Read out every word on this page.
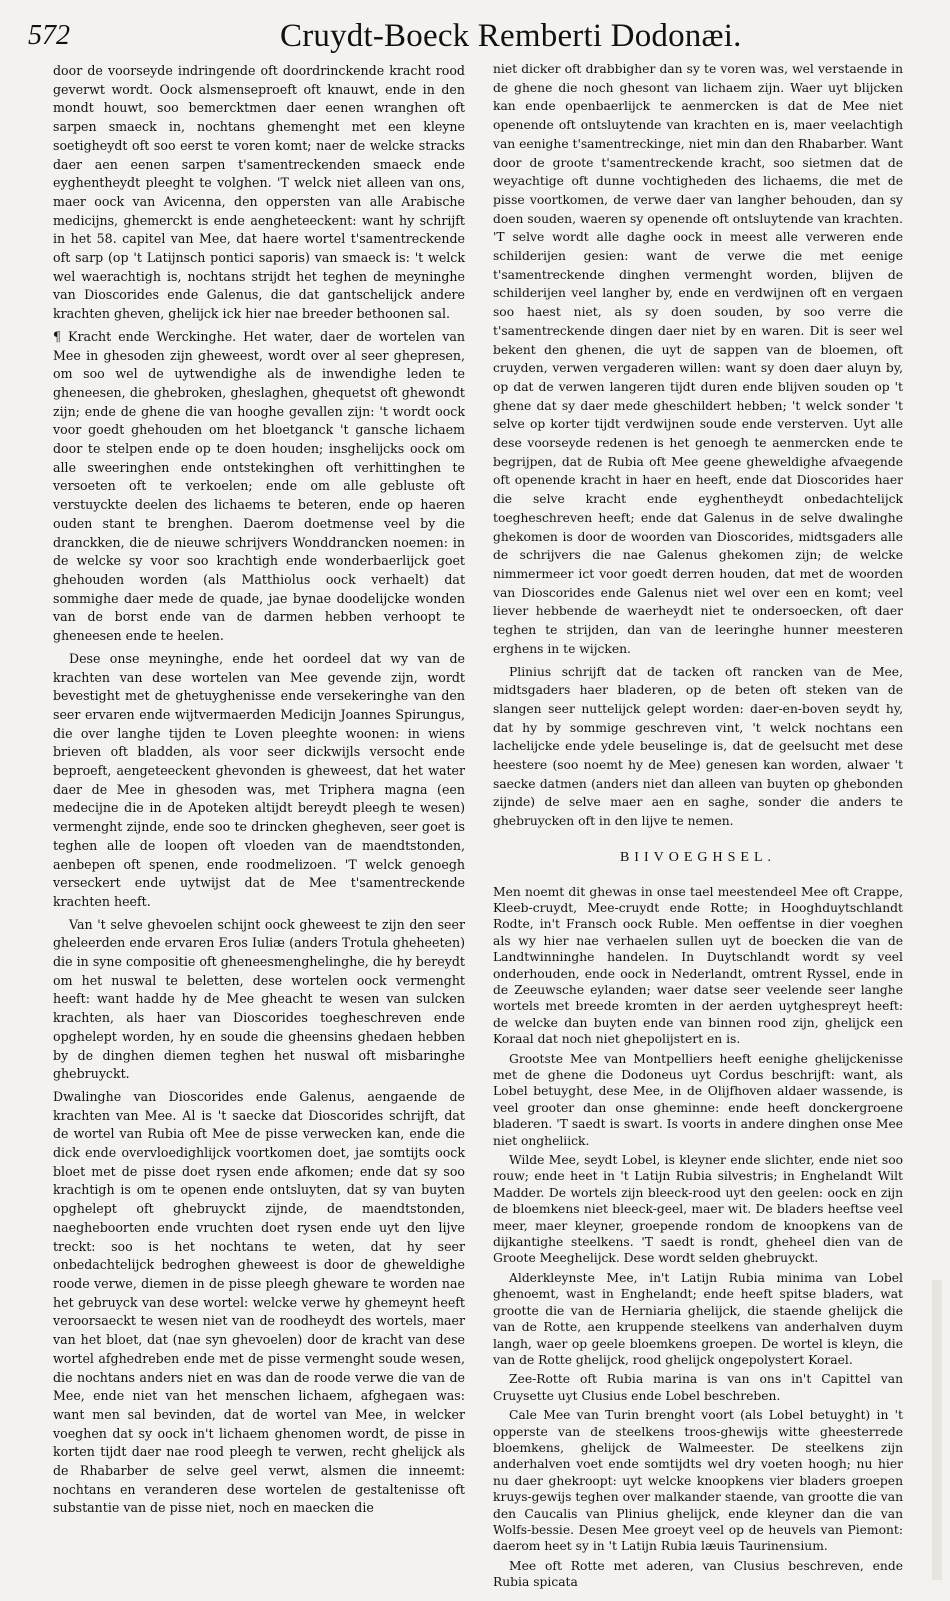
572	Cruydt-Boeck Remberti Dodonæi.

door de voorseyde indringende oft doordrinckende kracht rood geverwt wordt. Oock alsmenseproeft oft knauwt, ende in den mondt houwt, soo bemercktmen daer eenen wranghen oft sarpen smaeck in, nochtans ghemenght met een kleyne soetigheydt oft soo eerst te voren komt; naer de welcke stracks daer aen eenen sarpen t'samentreckenden smaeck ende eyghentheydt pleeght te volghen. 'T welck niet alleen van ons, maer oock van Avicenna, den oppersten van alle Arabische medicijns, ghemerckt is ende aengheteeckent: want hy schrijft in het 58. capitel van Mee, dat haere wortel t'samentreckende oft sarp (op 't Latijnsch pontici saporis) van smaeck is: 't welck wel waerachtigh is, nochtans strijdt het teghen de meyninghe van Dioscorides ende Galenus, die dat gantschelijck andere krachten gheven, ghelijck ick hier nae breeder bethoonen sal.

¶ Kracht ende Werckinghe. Het water, daer de wortelen van Mee in ghesoden zijn gheweest, wordt over al seer ghepresen, om soo wel de uytwendighe als de inwendighe leden te gheneesen, die ghebroken, gheslaghen, ghequetst oft ghewondt zijn; ende de ghene die van hooghe gevallen zijn: 't wordt oock voor goedt ghehouden om het bloetganck 't gansche lichaem door te stelpen ende op te doen houden; insghelijcks oock om alle sweeringhen ende ontstekinghen oft verhittinghen te versoeten oft te verkoelen; ende om alle gebluste oft verstuyckte deelen des lichaems te beteren, ende op haeren ouden stant te brenghen. Daerom doetmense veel by die dranckken, die de nieuwe schrijvers Wonddrancken noemen: in de welcke sy voor soo krachtigh ende wonderbaerlijck goet ghehouden worden (als Matthiolus oock verhaelt) dat sommighe daer mede de quade, jae bynae doodelijcke wonden van de borst ende van de darmen hebben verhoopt te gheneesen ende te heelen.

Dese onse meyninghe, ende het oordeel dat wy van de krachten van dese wortelen van Mee gevende zijn, wordt bevestight met de ghetuyghenisse ende versekeringhe van den seer ervaren ende wijtvermaerden Medicijn Joannes Spirungus, die over langhe tijden te Loven pleeghte woonen: in wiens brieven oft bladden, als voor seer dickwijls versocht ende beproeft, aengeteeckent ghevonden is gheweest, dat het water daer de Mee in ghesoden was, met Triphera magna (een medecijne die in de Apoteken altijdt bereydt pleegh te wesen) vermenght zijnde, ende soo te drincken ghegheven, seer goet is teghen alle de loopen oft vloeden van de maendtstonden, aenbepen oft spenen, ende roodmelizoen. 'T welck genoegh verseckert ende uytwijst dat de Mee t'samentreckende krachten heeft.

Van 't selve ghevoelen schijnt oock gheweest te zijn den seer gheleerden ende ervaren Eros Iuliæ (anders Trotula gheheeten) die in syne compositie oft gheneesmenghelinghe, die hy bereydt om het nuswal te beletten, dese wortelen oock vermenght heeft: want hadde hy de Mee gheacht te wesen van sulcken krachten, als haer van Dioscorides toegheschreven ende opghelept worden, hy en soude die gheensins ghedaen hebben by de dinghen diemen teghen het nuswal oft misbaringhe ghebruyckt.

Dwalinghe van Dioscorides ende Galenus, aengaende de krachten van Mee. Al is 't saecke dat Dioscorides schrijft, dat de wortel van Rubia oft Mee de pisse verwecken kan, ende die dick ende overvloedighlijck voortkomen doet, jae somtijts oock bloet met de pisse doet rysen ende afkomen; ende dat sy soo krachtigh is om te openen ende ontsluyten, dat sy van buyten opghelept oft ghebruyckt zijnde, de maendtstonden, naegheboorten ende vruchten doet rysen ende uyt den lijve treckt: soo is het nochtans te weten, dat hy seer onbedachtelijck bedroghen gheweest is door de gheweldighe roode verwe, diemen in de pisse pleegh gheware te worden nae het gebruyck van dese wortel: welcke verwe hy ghemeynt heeft veroorsaeckt te wesen niet van de roodheydt des wortels, maer van het bloet, dat (nae syn ghevoelen) door de kracht van dese wortel afghedreben ende met de pisse vermenght soude wesen, die nochtans anders niet en was dan de roode verwe die van de Mee, ende niet van het menschen lichaem, afghegaen was: want men sal bevinden, dat de wortel van Mee, in welcker voeghen dat sy oock in't lichaem ghenomen wordt, de pisse in korten tijdt daer nae rood pleegh te verwen, recht ghelijck als de Rhabarber de selve geel verwt, alsmen die inneemt: nochtans en veranderen dese wortelen de gestaltenisse oft substantie van de pisse niet, noch en maecken die

niet dicker oft drabbigher dan sy te voren was, wel verstaende in de ghene die noch ghesont van lichaem zijn. Waer uyt blijcken kan ende openbaerlijck te aenmercken is dat de Mee niet openende oft ontsluytende van krachten en is, maer veelachtigh van eenighe t'samentreckinge, niet min dan den Rhabarber. Want door de groote t'samentreckende kracht, soo sietmen dat de weyachtige oft dunne vochtigheden des lichaems, die met de pisse voortkomen, de verwe daer van langher behouden, dan sy doen souden, waeren sy openende oft ontsluytende van krachten. 'T selve wordt alle daghe oock in meest alle verweren ende schilderijen gesien: want de verwe die met eenige t'samentreckende dinghen vermenght worden, blijven de schilderijen veel langher by, ende en verdwijnen oft en vergaen soo haest niet, als sy doen souden, by soo verre die t'samentreckende dingen daer niet by en waren. Dit is seer wel bekent den ghenen, die uyt de sappen van de bloemen, oft cruyden, verwen vergaderen willen: want sy doen daer aluyn by, op dat de verwen langeren tijdt duren ende blijven souden op 't ghene dat sy daer mede gheschildert hebben; 't welck sonder 't selve op korter tijdt verdwijnen soude ende versterven. Uyt alle dese voorseyde redenen is het genoegh te aenmercken ende te begrijpen, dat de Rubia oft Mee geene gheweldighe afvaegende oft openende kracht in haer en heeft, ende dat Dioscorides haer die selve kracht ende eyghentheydt onbedachtelijck toegheschreven heeft; ende dat Galenus in de selve dwalinghe ghekomen is door de woorden van Dioscorides, midtsgaders alle de schrijvers die nae Galenus ghekomen zijn; de welcke nimmermeer ict voor goedt derren houden, dat met de woorden van Dioscorides ende Galenus niet wel over een en komt; veel liever hebbende de waerheydt niet te ondersoecken, oft daer teghen te strijden, dan van de leeringhe hunner meesteren erghens in te wijcken.

Plinius schrijft dat de tacken oft rancken van de Mee, midtsgaders haer bladeren, op de beten oft steken van de slangen seer nuttelijck gelept worden: daer-en-boven seydt hy, dat hy by sommige geschreven vint, 't welck nochtans een lachelijcke ende ydele beuselinge is, dat de geelsucht met dese heestere (soo noemt hy de Mee) genesen kan worden, alwaer 't saecke datmen (anders niet dan alleen van buyten op ghebonden zijnde) de selve maer aen en saghe, sonder die anders te ghebruycken oft in den lijve te nemen.

BIIVOEGHSEL.

Men noemt dit ghewas in onse tael meestendeel Mee oft Crappe, Kleeb-cruydt, Mee-cruydt ende Rotte; in Hooghduytschlandt Rodte, in't Fransch oock Ruble. Men oeffentse in dier voeghen als wy hier nae verhaelen sullen uyt de boecken die van de Landtwinninghe handelen. In Duytschlandt wordt sy veel onderhouden, ende oock in Nederlandt, omtrent Ryssel, ende in de Zeeuwsche eylanden; waer datse seer veelende seer langhe wortels met breede kromten in der aerden uytghespreyt heeft: de welcke dan buyten ende van binnen rood zijn, ghelijck een Koraal dat noch niet ghepolijstert en is.

Grootste Mee van Montpelliers heeft eenighe ghelijckenisse met de ghene die Dodoneus uyt Cordus beschrijft: want, als Lobel betuyght, dese Mee, in de Olijfhoven aldaer wassende, is veel grooter dan onse gheminne: ende heeft donckergroene bladeren. 'T saedt is swart. Is voorts in andere dinghen onse Mee niet ongheliick.

Wilde Mee, seydt Lobel, is kleyner ende slichter, ende niet soo rouw; ende heet in 't Latijn Rubia silvestris; in Enghelandt Wilt Madder. De wortels zijn bleeck-rood uyt den geelen: oock en zijn de bloemkens niet bleeck-geel, maer wit. De bladers heeftse veel meer, maer kleyner, groepende rondom de knoopkens van de dijkantighe steelkens. 'T saedt is rondt, gheheel dien van de Groote Meeghelijck. Dese wordt selden ghebruyckt.

Alderkleynste Mee, in't Latijn Rubia minima van Lobel ghenoemt, wast in Enghelandt; ende heeft spitse bladers, wat grootte die van de Herniaria ghelijck, die staende ghelijck die van de Rotte, aen kruppende steelkens van anderhalven duym langh, waer op geele bloemkens groepen. De wortel is kleyn, die van de Rotte ghelijck, rood ghelijck ongepolystert Korael.

Zee-Rotte oft Rubia marina is van ons in't Capittel van Cruysette uyt Clusius ende Lobel beschreben.

Cale Mee van Turin brenght voort (als Lobel betuyght) in 't opperste van de steelkens troos-ghewijs witte gheesterrede bloemkens, ghelijck de Walmeester. De steelkens zijn anderhalven voet ende somtijdts wel dry voeten hoogh; nu hier nu daer ghekroopt: uyt welcke knoopkens vier bladers groepen kruys-gewijs teghen over malkander staende, van grootte die van den Caucalis van Plinius ghelijck, ende kleyner dan die van Wolfs-bessie. Desen Mee groeyt veel op de heuvels van Piemont: daerom heet sy in 't Latijn Rubia læuis Taurinensium.

Mee oft Rotte met aderen, van Clusius beschreven, ende Rubia spicata
